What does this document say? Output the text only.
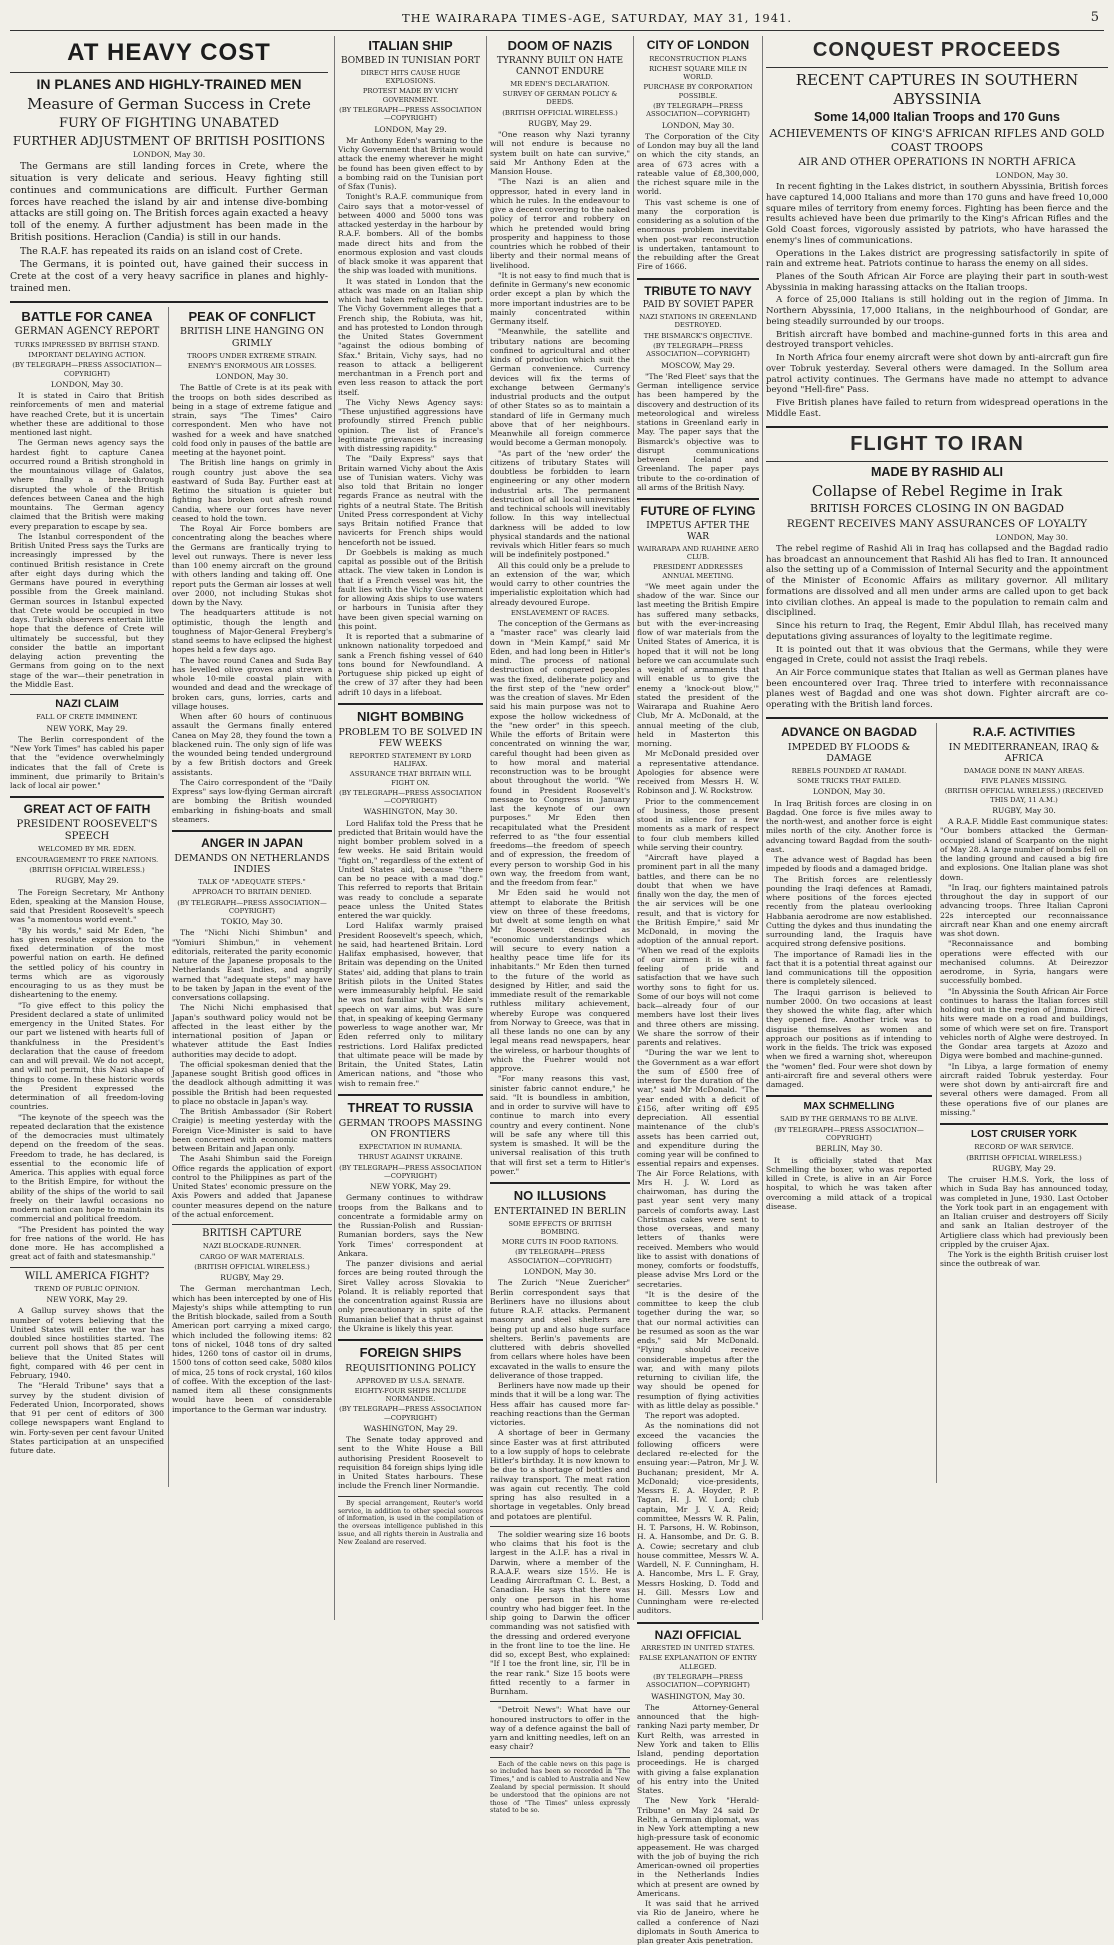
THE WAIRARAPA TIMES-AGE, SATURDAY, MAY 31, 1941.	5
AT HEAVY COST
IN PLANES AND HIGHLY-TRAINED MEN
Measure of German Success in Crete
FURY OF FIGHTING UNABATED
FURTHER ADJUSTMENT OF BRITISH POSITIONS
LONDON, May 30.

The Germans are still landing forces in Crete, where the situation is very delicate and serious. Heavy fighting still continues and communications are difficult. Further German forces have reached the island by air and intense dive-bombing attacks are still going on. The British forces again exacted a heavy toll of the enemy. A further adjustment has been made in the British positions. Heraclion (Candia) is still in our hands.

The R.A.F. has repeated its raids on an island cost of Crete.

The Germans, it is pointed out, have gained their success in Crete at the cost of a very heavy sacrifice in planes and highly-trained men.

BATTLE FOR CANEA
GERMAN AGENCY REPORT
TURKS IMPRESSED BY BRITISH STAND.
IMPORTANT DELAYING ACTION.
(BY TELEGRAPH—PRESS ASSOCIATION—COPYRIGHT)
LONDON, May 30.

It is stated in Cairo that British reinforcements of men and material have reached Crete, but it is uncertain whether these are additional to those mentioned last night.

The German news agency says the hardest fight to capture Canea occurred round a British stronghold in the mountainous village of Galatos, where finally a break-through disrupted the whole of the British defences between Canea and the high mountains. The German agency claimed that the British were making every preparation to escape by sea.

The Istanbul correspondent of the British United Press says the Turks are increasingly impressed by the continued British resistance in Crete after eight days during which the Germans have poured in everything possible from the Greek mainland. German sources in Istanbul expected that Crete would be occupied in two days. Turkish observers entertain little hope that the defence of Crete will ultimately be successful, but they consider the battle an important delaying action preventing the Germans from going on to the next stage of the war—their penetration in the Middle East.

NAZI CLAIM
FALL OF CRETE IMMINENT.
NEW YORK, May 29.

The Berlin correspondent of the "New York Times" has cabled his paper that the "evidence overwhelmingly indicates that the fall of Crete is imminent, due primarily to Britain's lack of local air power."

GREAT ACT OF FAITH
PRESIDENT ROOSEVELT'S SPEECH
WELCOMED BY MR. EDEN.
ENCOURAGEMENT TO FREE NATIONS.
(BRITISH OFFICIAL WIRELESS.)
RUGBY, May 29.

The Foreign Secretary, Mr Anthony Eden, speaking at the Mansion House, said that President Roosevelt's speech was "a momentous world event."

"By his words," said Mr Eden, "he has given resolute expression to the fixed determination of the most powerful nation on earth. He defined the settled policy of his country in terms which are as vigorously encouraging to us as they must be disheartening to the enemy.

"To give effect to this policy the President declared a state of unlimited emergency in the United States. For our part we listened with hearts full of thankfulness in the President's declaration that the cause of freedom can and will prevail. We do not accept, and will not permit, this Nazi shape of things to come. In these historic words the President expressed the determination of all freedom-loving countries.

"The keynote of the speech was the repeated declaration that the existence of the democracies must ultimately depend on the freedom of the seas. Freedom to trade, he has declared, is essential to the economic life of America. This applies with equal force to the British Empire, for without the ability of the ships of the world to sail freely on their lawful occasions no modern nation can hope to maintain its commercial and political freedom.

"The President has pointed the way for free nations of the world. He has done more. He has accomplished a great act of faith and statesmanship."

WILL AMERICA FIGHT?
TREND OF PUBLIC OPINION.
NEW YORK, May 29.

A Gallup survey shows that the number of voters believing that the United States will enter the war has doubled since hostilities started. The current poll shows that 85 per cent believe that the United States will fight, compared with 46 per cent in February, 1940.

The "Herald Tribune" says that a survey by the student division of Federated Union, Incorporated, shows that 91 per cent of editors of 300 college newspapers want England to win. Forty-seven per cent favour United States participation at an unspecified future date.

PEAK OF CONFLICT
BRITISH LINE HANGING ON GRIMLY
TROOPS UNDER EXTREME STRAIN.
ENEMY'S ENORMOUS AIR LOSSES.
LONDON, May 30.

The Battle of Crete is at its peak with the troops on both sides described as being in a stage of extreme fatigue and strain, says "The Times" Cairo correspondent. Men who have not washed for a week and have snatched cold food only in pauses of the battle are meeting at the hayonet point.

The British line hangs on grimly in rough country just above the sea eastward of Suda Bay. Further east at Retimo the situation is quieter but fighting has broken out afresh round Candia, where our forces have never ceased to hold the town.

The Royal Air Force bombers are concentrating along the beaches where the Germans are frantically trying to level out runways. There is never less than 100 enemy aircraft on the ground with others landing and taking off. One report puts the German air losses at well over 2000, not including Stukas shot down by the Navy.

The headquarters attitude is not optimistic, though the length and toughness of Major-General Freyberg's stand seems to have eclipsed the highest hopes held a few days ago.

The havoc round Canea and Suda Bay has levelled olive groves and strewn a whole 10-mile coastal plain with wounded and dead and the wreckage of broken cars, guns, lorries, carts and village houses.

When after 60 hours of continuous assault the Germans finally entered Canea on May 28, they found the town a blackened ruin. The only sign of life was the wounded being tended underground by a few British doctors and Greek assistants.

The Cairo correspondent of the "Daily Express" says low-flying German aircraft are bombing the British wounded embarking in fishing-boats and small steamers.

ANGER IN JAPAN
DEMANDS ON NETHERLANDS INDIES
TALK OF "ADEQUATE STEPS."
APPROACH TO BRITAIN DENIED.
(BY TELEGRAPH—PRESS ASSOCIATION—COPYRIGHT)
TOKIO, May 30.

The "Nichi Nichi Shimbun" and "Yomiuri Shimbun," in vehement editorials, reiterated the parity economic nature of the Japanese proposals to the Netherlands East Indies, and angrily warned that "adequate steps" may have to be taken by Japan in the event of the conversations collapsing.

The Nichi Nichi emphasised that Japan's southward policy would not be affected in the least either by the international position of Japan or whatever attitude the East Indies authorities may decide to adopt.

The official spokesman denied that the Japanese sought British good offices in the deadlock although admitting it was possible the British had been requested to place no obstacle in Japan's way.

The British Ambassador (Sir Robert Craigie) is meeting yesterday with the Foreign Vice-Minister is said to have been concerned with economic matters between Britain and Japan only.

The Asahi Shimbun said the Foreign Office regards the application of export control to the Philippines as part of the United States' economic pressure on the Axis Powers and added that Japanese counter measures depend on the nature of the actual enforcement.

BRITISH CAPTURE
NAZI BLOCKADE-RUNNER.
CARGO OF WAR MATERIALS.
(BRITISH OFFICIAL WIRELESS.)
RUGBY, May 29.

The German merchantman Lech, which has been intercepted by one of His Majesty's ships while attempting to run the British blockade, sailed from a South American port carrying a mixed cargo, which included the following items: 82 tons of nickel, 1048 tons of dry salted hides, 1260 tons of castor oil in drums, 1500 tons of cotton seed cake, 5080 kilos of mica, 25 tons of rock crystal, 160 kilos of coffee. With the exception of the last-named item all these consignments would have been of considerable importance to the German war industry.

ITALIAN SHIP
BOMBED IN TUNISIAN PORT
DIRECT HITS CAUSE HUGE EXPLOSIONS.
PROTEST MADE BY VICHY GOVERNMENT.
(BY TELEGRAPH—PRESS ASSOCIATION—COPYRIGHT)
LONDON, May 29.

Mr Anthony Eden's warning to the Vichy Government that Britain would attack the enemy wherever he might be found has been given effect to by a bombing raid on the Tunisian port of Sfax (Tunis).

Tonight's R.A.F. communique from Cairo says that a motor-vessel of between 4000 and 5000 tons was attacked yesterday in the harbour by R.A.F. bombers. All of the bombs made direct hits and from the enormous explosion and vast clouds of black smoke it was apparent that the ship was loaded with munitions.

It was stated in London that the attack was made on an Italian ship which had taken refuge in the port. The Vichy Government alleges that a French ship, the Robiuta, was hit, and has protested to London through the United States Government "against the odious bombing of Sfax." Britain, Vichy says, had no reason to attack a belligerent merchantman in a French port and even less reason to attack the port itself.

The Vichy News Agency says: "These unjustified aggressions have profoundly stirred French public opinion. The list of France's legitimate grievances is increasing with distressing rapidity."

The "Daily Express" says that Britain warned Vichy about the Axis use of Tunisian waters. Vichy was also told that Britain no longer regards France as neutral with the rights of a neutral State. The British United Press correspondent at Vichy says Britain notified France that navicerts for French ships would henceforth not be issued.

Dr Goebbels is making as much capital as possible out of the British attack. The view taken in London is that if a French vessel was hit, the fault lies with the Vichy Government for allowing Axis ships to use waters or harbours in Tunisia after they have been given special warning on this point.

It is reported that a submarine of unknown nationality torpedoed and sank a French fishing vessel of 640 tons bound for Newfoundland. A Portuguese ship picked up eight of the crew of 37 after they had been adrift 10 days in a lifeboat.

NIGHT BOMBING
PROBLEM TO BE SOLVED IN FEW WEEKS
REPORTED STATEMENT BY LORD HALIFAX.
ASSURANCE THAT BRITAIN WILL FIGHT ON.
(BY TELEGRAPH—PRESS ASSOCIATION—COPYRIGHT)
WASHINGTON, May 30.

Lord Halifax told the Press that he predicted that Britain would have the night bomber problem solved in a few weeks. He said Britain would "fight on," regardless of the extent of United States aid, because "there can be no peace with a mad dog." This referred to reports that Britain was ready to conclude a separate peace unless the United States entered the war quickly.

Lord Halifax warmly praised President Roosevelt's speech, which, he said, had heartened Britain. Lord Halifax emphasised, however, that Britain was depending on the United States' aid, adding that plans to train British pilots in the United States were immeasurably helpful. He said he was not familiar with Mr Eden's speech on war aims, but was sure that, in speaking of keeping Germany powerless to wage another war, Mr Eden referred only to military restrictions. Lord Halifax predicted that ultimate peace will be made by Britain, the United States, Latin American nations, and "those who wish to remain free."

THREAT TO RUSSIA
GERMAN TROOPS MASSING ON FRONTIERS
EXPECTATION IN RUMANIA.
THRUST AGAINST UKRAINE.
(BY TELEGRAPH—PRESS ASSOCIATION—COPYRIGHT)
NEW YORK, May 29.

Germany continues to withdraw troops from the Balkans and to concentrate a formidable army on the Russian-Polish and Russian-Rumanian borders, says the New York Times' correspondent at Ankara.

The panzer divisions and aerial forces are being routed through the Siret Valley across Slovakia to Poland. It is reliably reported that the concentration against Russia are only precautionary in spite of the Rumanian belief that a thrust against the Ukraine is likely this year.

FOREIGN SHIPS
REQUISITIONING POLICY
APPROVED BY U.S.A. SENATE.
EIGHTY-FOUR SHIPS INCLUDE NORMANDIE.
(BY TELEGRAPH—PRESS ASSOCIATION—COPYRIGHT)
WASHINGTON, May 29.

The Senate today approved and sent to the White House a Bill authorising President Roosevelt to requisition 84 foreign ships lying idle in United States harbours. These include the French liner Normandie.

By special arrangement, Reuter's world service, in addition to other special sources of information, is used in the compilation of the overseas intelligence published in this issue, and all rights therein in Australia and New Zealand are reserved.

DOOM OF NAZIS
TYRANNY BUILT ON HATE CANNOT ENDURE
MR EDEN'S DECLARATION.
SURVEY OF GERMAN POLICY & DEEDS.
(BRITISH OFFICIAL WIRELESS.)
RUGBY, May 29.

"One reason why Nazi tyranny will not endure is because no system built on hate can survive," said Mr Anthony Eden at the Mansion House.

"The Nazi is an alien and oppressor, hated in every land in which he rules. In the endeavour to give a decent covering to the naked policy of terror and robbery on which he pretended would bring prosperity and happiness to those countries which he robbed of their liberty and their normal means of livelihood.

"It is not easy to find much that is definite in Germany's new economic order except a plan by which the more important industries are to be mainly concentrated within Germany itself.

"Meanwhile, the satellite and tributary nations are becoming confined to agricultural and other kinds of production which suit the German convenience. Currency devices will fix the terms of exchange between Germany's industrial products and the output of other States so as to maintain a standard of life in Germany much above that of her neighbours. Meanwhile all foreign commerce would become a German monopoly.

"As part of the 'new order' the citizens of tributary States will doubtless be forbidden to learn engineering or any other modern industrial arts. The permanent destruction of all local universities and technical schools will inevitably follow. In this way intellectual darkness will be added to low physical standards and the national revivals which Hitler fears so much will be indefinitely postponed."

All this could only be a prelude to an extension of the war, which would carry to other countries the imperialistic exploitation which had already devoured Europe.

ENSLAVEMENT OF RACES.

The conception of the Germans as a "master race" was clearly laid down in "Mein Kampf," said Mr Eden, and had long been in Hitler's mind. The process of national destruction of conquered peoples was the fixed, deliberate policy and the first step of the "new order" was the creation of slaves. Mr Eden said his main purpose was not to expose the hollow wickedness of the "new order" in this speech. While the efforts of Britain were concentrated on winning the war, careful thought had been given as to how moral and material reconstruction was to be brought about throughout the world. "We found in President Roosevelt's message to Congress in January last the keynote of our own purposes." Mr Eden then recapitulated what the President referred to as "the four essential freedoms—the freedom of speech and of expression, the freedom of every person to worship God in his own way, the freedom from want, and the freedom from fear."

Mr Eden said he would not attempt to elaborate the British view on three of these freedoms, but dwelt at some length on what Mr Roosevelt described as "economic understandings which will secure to every nation a healthy peace time life for its inhabitants." Mr Eden then turned to the future of the world as designed by Hitler, and said the immediate result of the remarkable ruthless military achievement, whereby Europe was conquered from Norway to Greece, was that in all these lands no one can by any legal means read newspapers, hear the wireless, or harbour thoughts of which the Fuehrer would not approve.

"For many reasons this vast, sinister fabric cannot endure," he said. "It is boundless in ambition, and in order to survive will have to continue to march into every country and every continent. None will be safe any where till this system is smashed. It will be the universal realisation of this truth that will first set a term to Hitler's power."

NO ILLUSIONS
ENTERTAINED IN BERLIN
SOME EFFECTS OF BRITISH BOMBING.
MORE CUTS IN FOOD RATIONS.
(BY TELEGRAPH—PRESS ASSOCIATION—COPYRIGHT)
LONDON, May 30.

The Zurich "Neue Zuericher" Berlin correspondent says that Berliners have no illusions about future R.A.F. attacks. Permanent masonry and steel shelters are being put up and also huge surface shelters. Berlin's pavements are cluttered with debris shovelled from cellars where holes have been excavated in the walls to ensure the deliverance of those trapped.

Berliners have now made up their minds that it will be a long war. The Hess affair has caused more far-reaching reactions than the German victories.

A shortage of beer in Germany since Easter was at first attributed to a low supply of hops to celebrate Hitler's birthday. It is now known to be due to a shortage of bottles and railway transport. The meat ration was again cut recently. The cold spring has also resulted in a shortage in vegetables. Only bread and potatoes are plentiful.

The soldier wearing size 16 boots who claims that his foot is the largest in the A.I.F. has a rival in Darwin, where a member of the R.A.A.F. wears size 15½. He is Leading Aircraftman C. L. Best, a Canadian. He says that there was only one person in his home country who had bigger feet. In the ship going to Darwin the officer commanding was not satisfied with the dressing and ordered everyone in the front line to toe the line. He did so, except Best, who explained: "If I toe the front line, sir, I'll be in the rear rank." Size 15 boots were fitted recently to a farmer in Burnham.

"Detroit News": What have our honoured instructors to offer in the way of a defence against the ball of yarn and knitting needles, left on an easy chair?

Each of the cable news on this page is so included has been so recorded in "The Times," and is cabled to Australia and New Zealand by special permission. It should be understood that the opinions are not those of "The Times" unless expressly stated to be so.

CITY OF LONDON
RECONSTRUCTION PLANS
RICHEST SQUARE MILE IN WORLD.
PURCHASE BY CORPORATION POSSIBLE.
(BY TELEGRAPH—PRESS ASSOCIATION—COPYRIGHT)
LONDON, May 30.

The Corporation of the City of London may buy all the land on which the city stands, an area of 673 acres with a rateable value of £8,300,000, the richest square mile in the world.

This vast scheme is one of many the corporation is considering as a solution of the enormous problem inevitable when post-war reconstruction is undertaken, tantamount to the rebuilding after the Great Fire of 1666.

TRIBUTE TO NAVY
PAID BY SOVIET PAPER
NAZI STATIONS IN GREENLAND DESTROYED.
THE BISMARCK'S OBJECTIVE.
(BY TELEGRAPH—PRESS ASSOCIATION—COPYRIGHT)
MOSCOW, May 29.

"The 'Red Fleet' says that the German intelligence service has been hampered by the discovery and destruction of its meteorological and wireless stations in Greenland early in May. The paper says that the Bismarck's objective was to disrupt communications between Iceland and Greenland. The paper pays tribute to the co-ordination of all arms of the British Navy.

FUTURE OF FLYING
IMPETUS AFTER THE WAR
WAIRARAPA AND RUAHINE AERO CLUB.
PRESIDENT ADDRESSES ANNUAL MEETING.

"We meet again under the shadow of the war. Since our last meeting the British Empire has suffered many setbacks, but with the ever-increasing flow of war materials from the United States of America, it is hoped that it will not be long before we can accumulate such a weight of armaments that will enable us to give the enemy a 'knock-out blow,'" stated the president of the Wairarapa and Ruahine Aero Club, Mr A. McDonald, at the annual meeting of the club, held in Masterton this morning.

Mr McDonald presided over a representative attendance. Apologies for absence were received from Messrs H. W. Robinson and J. W. Rockstrow.

Prior to the commencement of business, those present stood in silence for a few moments as a mark of respect to four club members killed while serving their country.

"Aircraft have played a prominent part in all the many battles, and there can be no doubt that when we have finally won the day, the men of the air services will be one result, and that is victory for the British Empire," said Mr McDonald, in moving the adoption of the annual report. "When we read of the exploits of our airmen it is with a feeling of pride and satisfaction that we have such worthy sons to fight for us. Some of our boys will not come back—already four of our members have lost their lives and three others are missing. We share the sorrow of their parents and relatives.

"During the war we lent to the Government as a war effort the sum of £500 free of interest for the duration of the war," said Mr McDonald. "The year ended with a deficit of £156, after writing off £95 depreciation. All essential maintenance of the club's assets has been carried out, and expenditure during the coming year will be confined to essential repairs and expenses. The Air Force Relations, with Mrs H. J. W. Lord as chairwoman, has during the past year sent very many parcels of comforts away. Last Christmas cakes were sent to those overseas, and many letters of thanks were received. Members who would like to assist with donations of money, comforts or foodstuffs, please advise Mrs Lord or the secretaries.

"It is the desire of the committee to keep the club together during the war, so that our normal activities can be resumed as soon as the war ends," said Mr McDonald. "Flying should receive considerable impetus after the war, and with many pilots returning to civilian life, the way should be opened for resumption of flying activities with as little delay as possible."

The report was adopted.

As the nominations did not exceed the vacancies the following officers were declared re-elected for the ensuing year:—Patron, Mr J. W. Buchanan; president, Mr A. McDonald; vice-presidents, Messrs E. A. Hoyder, P. P. Tagan, H. J. W. Lord; club captain, Mr J. V. A. Reid; committee, Messrs W. R. Palin, H. T. Parsons, H. W. Robinson, H. A. Hansombe, and Dr. G. B. A. Cowie; secretary and club house committee, Messrs W. A. Wardell, N. F. Cunningham, H. A. Hancombe, Mrs L. F. Gray, Messrs Hosking, D. Todd and H. Gill. Messrs Low and Cunningham were re-elected auditors.

NAZI OFFICIAL
ARRESTED IN UNITED STATES.
FALSE EXPLANATION OF ENTRY ALLEGED.
(BY TELEGRAPH—PRESS ASSOCIATION—COPYRIGHT)
WASHINGTON, May 30.

The Attorney-General announced that the high-ranking Nazi party member, Dr Kurt Relth, was arrested in New York and taken to Ellis Island, pending deportation proceedings. He is charged with giving a false explanation of his entry into the United States.

The New York "Herald-Tribune" on May 24 said Dr Relth, a German diplomat, was in New York attempting a new high-pressure task of economic appeasement. He was charged with the job of buying the rich American-owned oil properties in the Netherlands Indies which at present are owned by Americans.

It was said that he arrived via Rio de Janeiro, where he called a conference of Nazi diplomats in South America to plan greater Axis penetration.

CONQUEST PROCEEDS
RECENT CAPTURES IN SOUTHERN ABYSSINIA
Some 14,000 Italian Troops and 170 Guns
ACHIEVEMENTS OF KING'S AFRICAN RIFLES AND GOLD COAST TROOPS
AIR AND OTHER OPERATIONS IN NORTH AFRICA
LONDON, May 30.

In recent fighting in the Lakes district, in southern Abyssinia, British forces have captured 14,000 Italians and more than 170 guns and have freed 10,000 square miles of territory from enemy forces. Fighting has been fierce and the results achieved have been due primarily to the King's African Rifles and the Gold Coast forces, vigorously assisted by patriots, who have harassed the enemy's lines of communications.

Operations in the Lakes district are progressing satisfactorily in spite of rain and extreme heat. Patriots continue to harass the enemy on all sides.

Planes of the South African Air Force are playing their part in south-west Abyssinia in making harassing attacks on the Italian troops.

A force of 25,000 Italians is still holding out in the region of Jimma. In Northern Abyssinia, 17,000 Italians, in the neighbourhood of Gondar, are being steadily surrounded by our troops.

British aircraft have bombed and machine-gunned forts in this area and destroyed transport vehicles.

In North Africa four enemy aircraft were shot down by anti-aircraft gun fire over Tobruk yesterday. Several others were damaged. In the Sollum area patrol activity continues. The Germans have made no attempt to advance beyond "Hell-fire" Pass.

Five British planes have failed to return from widespread operations in the Middle East.

FLIGHT TO IRAN
MADE BY RASHID ALI
Collapse of Rebel Regime in Irak
BRITISH FORCES CLOSING IN ON BAGDAD
REGENT RECEIVES MANY ASSURANCES OF LOYALTY
LONDON, May 30.

The rebel regime of Rashid Ali in Iraq has collapsed and the Bagdad radio has broadcast an announcement that Rashid Ali has fled to Iran. It announced also the setting up of a Commission of Internal Security and the appointment of the Minister of Economic Affairs as military governor. All military formations are dissolved and all men under arms are called upon to get back into civilian clothes. An appeal is made to the population to remain calm and disciplined.

Since his return to Iraq, the Regent, Emir Abdul Illah, has received many deputations giving assurances of loyalty to the legitimate regime.

It is pointed out that it was obvious that the Germans, while they were engaged in Crete, could not assist the Iraqi rebels.

An Air Force communique states that Italian as well as German planes have been encountered over Iraq. Three tried to interfere with reconnaissance planes west of Bagdad and one was shot down. Fighter aircraft are co-operating with the British land forces.

ADVANCE ON BAGDAD
IMPEDED BY FLOODS & DAMAGE
REBELS POUNDED AT RAMADI.
SOME TRICKS THAT FAILED.
LONDON, May 30.

In Iraq British forces are closing in on Bagdad. One force is five miles away to the north-west, and another force is eight miles north of the city. Another force is advancing toward Bagdad from the south-east.

The advance west of Bagdad has been impeded by floods and a damaged bridge.

The British forces are relentlessly pounding the Iraqi defences at Ramadi, where positions of the forces ejected recently from the plateau overlooking Habbania aerodrome are now established. Cutting the dykes and thus inundating the surrounding land, the Iraquis have acquired strong defensive positions.

The importance of Ramadi lies in the fact that it is a potential threat against our land communications till the opposition there is completely silenced.

The Iraqui garrison is believed to number 2000. On two occasions at least they showed the white flag, after which they opened fire. Another trick was to disguise themselves as women and approach our positions as if intending to work in the fields. The trick was exposed when we fired a warning shot, whereupon the "women" fled. Four were shot down by anti-aircraft fire and several others were damaged.

MAX SCHMELLING
SAID BY THE GERMANS TO BE ALIVE.
(BY TELEGRAPH—PRESS ASSOCIATION—COPYRIGHT)
BERLIN, May 30.

It is officially stated that Max Schmelling the boxer, who was reported killed in Crete, is alive in an Air Force hospital, to which he was taken after overcoming a mild attack of a tropical disease.

R.A.F. ACTIVITIES
IN MEDITERRANEAN, IRAQ & AFRICA
DAMAGE DONE IN MANY AREAS.
FIVE PLANES MISSING.
(BRITISH OFFICIAL WIRELESS.) (RECEIVED THIS DAY, 11 A.M.)
RUGBY, May 30.

A R.A.F. Middle East communique states: "Our bombers attacked the German-occupied island of Scarpanto on the night of May 28. A large number of bombs fell on the landing ground and caused a big fire and explosions. One Italian plane was shot down.

"In Iraq, our fighters maintained patrols throughout the day in support of our advancing troops. Three Italian Caproni 22s intercepted our reconnaissance aircraft near Khan and one enemy aircraft was shot down.

"Reconnaissance and bombing operations were effected with our mechanised columns. At Deirezzor aerodrome, in Syria, hangars were successfully bombed.

"In Abyssinia the South African Air Force continues to harass the Italian forces still holding out in the region of Jimma. Direct hits were made on a road and buildings, some of which were set on fire. Transport vehicles north of Alghe were destroyed. In the Gondar area targets at Azozo and Digya were bombed and machine-gunned.

"In Libya, a large formation of enemy aircraft raided Tobruk yesterday. Four were shot down by anti-aircraft fire and several others were damaged. From all these operations five of our planes are missing."

LOST CRUISER YORK
RECORD OF WAR SERVICE.
(BRITISH OFFICIAL WIRELESS.)
RUGBY, May 29.

The cruiser H.M.S. York, the loss of which in Suda Bay has announced today, was completed in June, 1930. Last October the York took part in an engagement with an Italian cruiser and destroyers off Sicily and sank an Italian destroyer of the Artigliere class which had previously been crippled by the cruiser Ajax.

The York is the eighth British cruiser lost since the outbreak of war.
